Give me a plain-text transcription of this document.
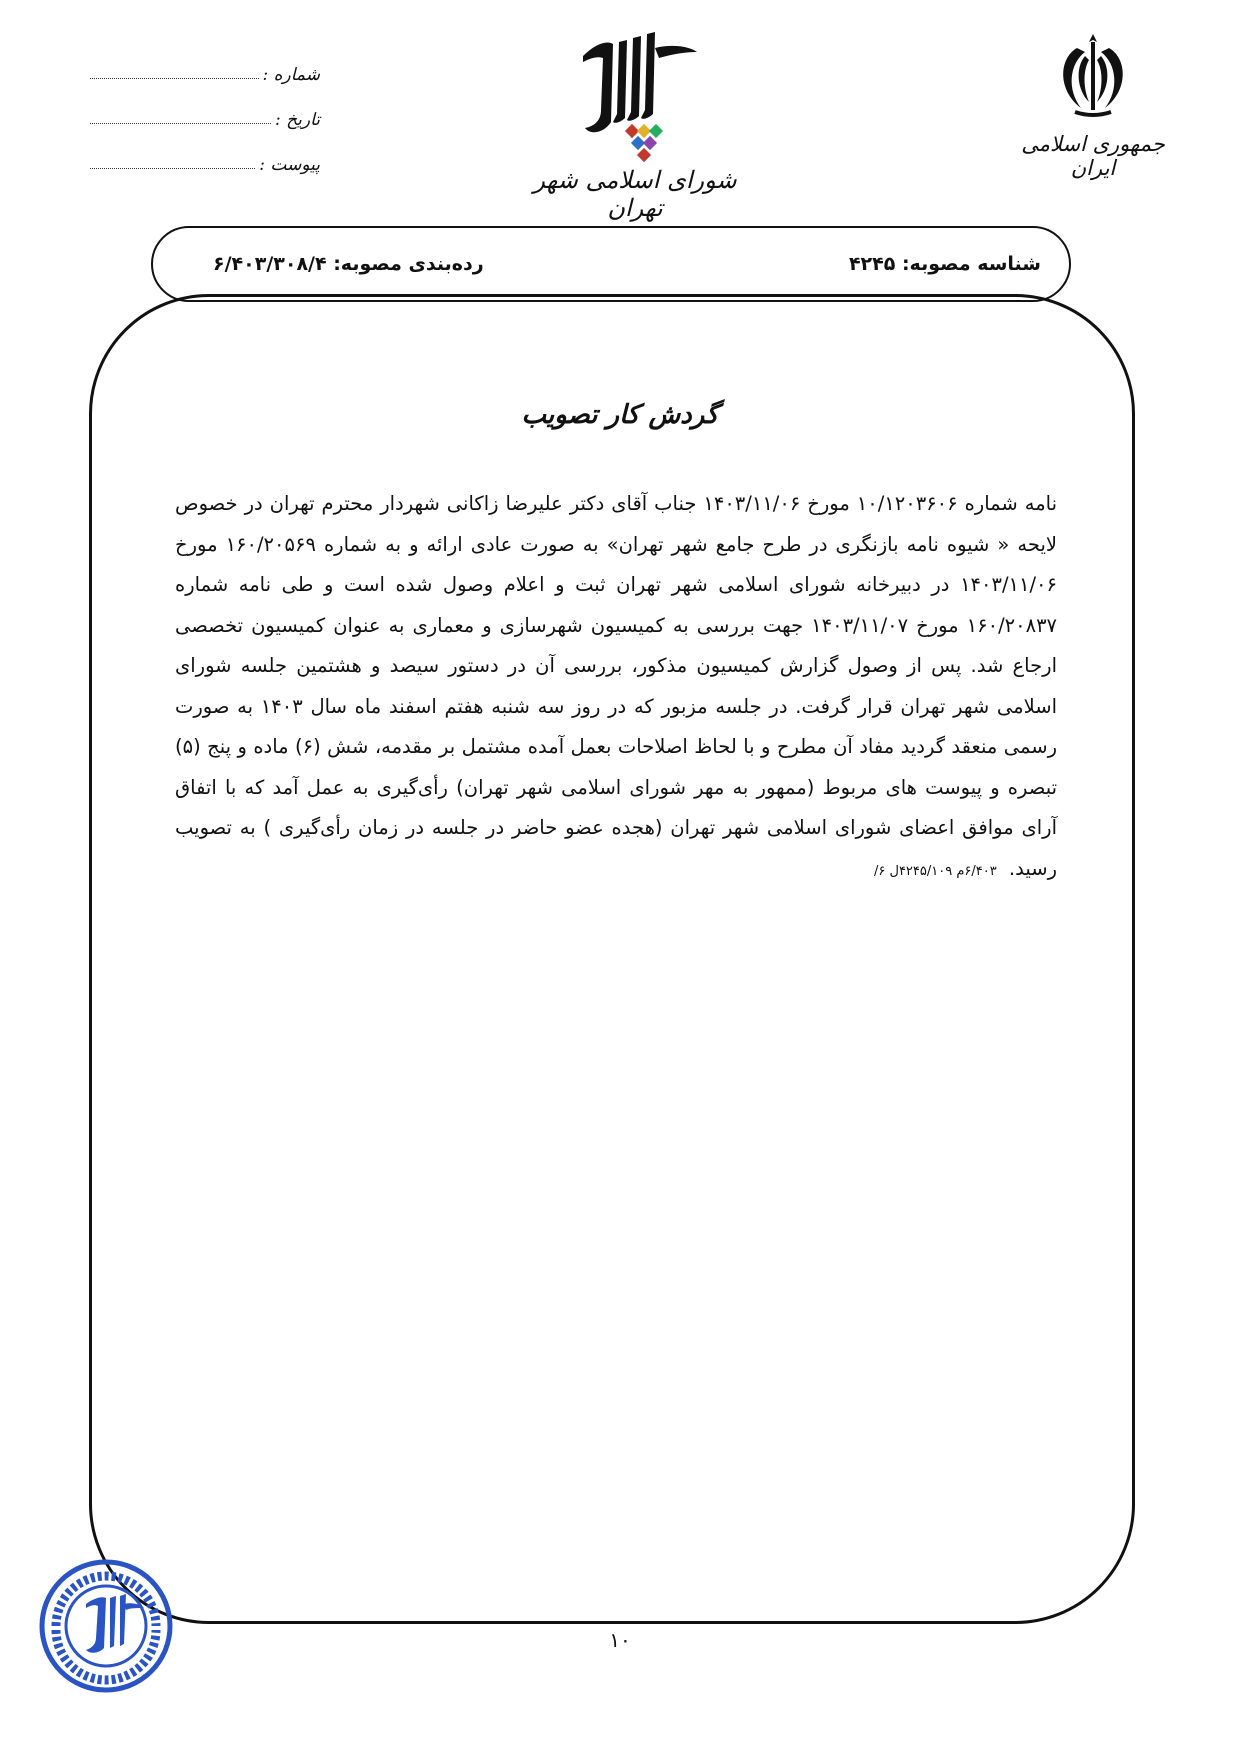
جمهوری اسلامی ایران
شورای اسلامی شهر تهران
شماره :
تاریخ :
پیوست :
شناسه مصوبه: ۴۲۴۵
رده‌بندی مصوبه: ۶/۴۰۳/۳۰۸/۴
گردش کار تصویب
نامه شماره ۱۰/۱۲۰۳۶۰۶ مورخ ۱۴۰۳/۱۱/۰۶ جناب آقای دکتر علیرضا زاکانی شهردار محترم تهران در خصوص لایحه « شیوه نامه بازنگری در طرح جامع شهر تهران» به صورت عادی ارائه و به شماره ۱۶۰/۲۰۵۶۹ مورخ ۱۴۰۳/۱۱/۰۶ در دبیرخانه شورای اسلامی شهر تهران ثبت و اعلام وصول شده است و طی نامه شماره ۱۶۰/۲۰۸۳۷ مورخ ۱۴۰۳/۱۱/۰۷ جهت بررسی به کمیسیون شهرسازی و معماری به عنوان کمیسیون تخصصی ارجاع شد. پس از وصول گزارش کمیسیون مذکور، بررسی آن در دستور سیصد و هشتمین جلسه شورای اسلامی شهر تهران قرار گرفت. در جلسه مزبور که در روز سه شنبه هفتم اسفند ماه سال ۱۴۰۳ به صورت رسمی منعقد گردید مفاد آن مطرح و با لحاظ اصلاحات بعمل آمده مشتمل بر مقدمه، شش (۶) ماده و پنج (۵) تبصره و پیوست های مربوط (ممهور به مهر شورای اسلامی شهر تهران) رأی‌گیری به عمل آمد که با اتفاق آرای موافق اعضای شورای اسلامی شهر تهران (هجده عضو حاضر در جلسه در زمان رأی‌گیری ) به تصویب رسید. ۶/۴۰۳م ۴۲۴۵/۱۰۹ل ۶/
۱۰
